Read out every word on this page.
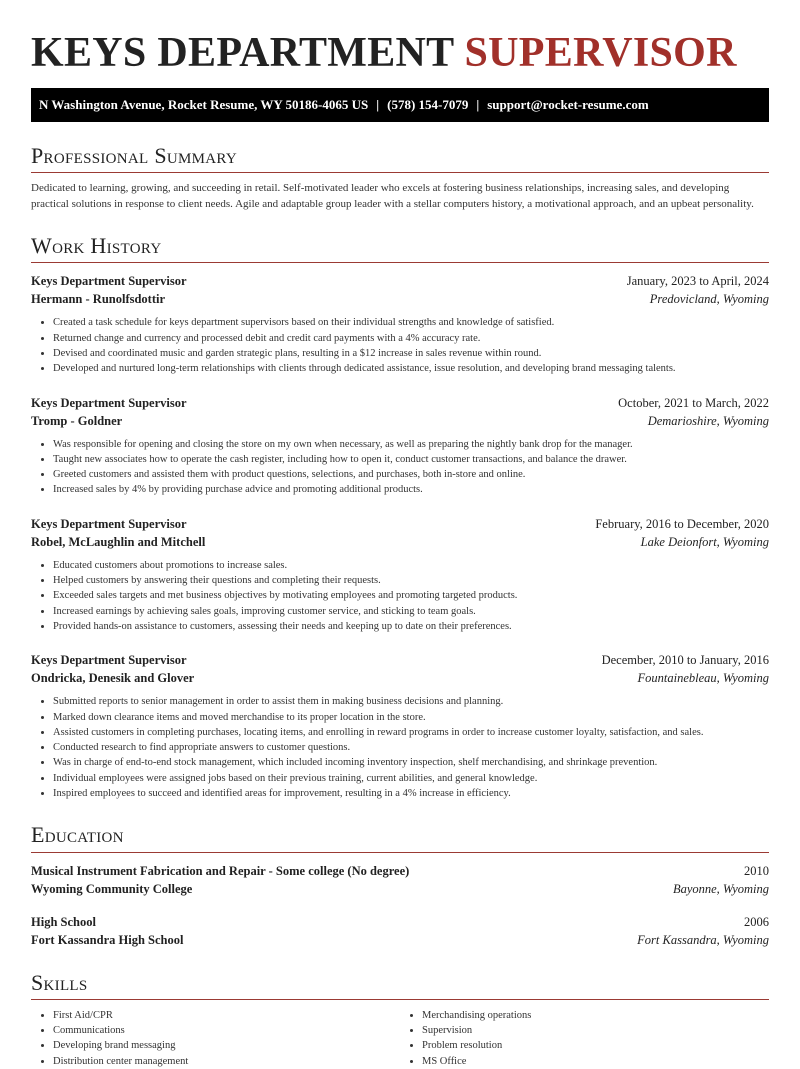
KEYS DEPARTMENT SUPERVISOR
N Washington Avenue, Rocket Resume, WY 50186-4065 US | (578) 154-7079 | support@rocket-resume.com
Professional Summary

Dedicated to learning, growing, and succeeding in retail. Self-motivated leader who excels at fostering business relationships, increasing sales, and developing practical solutions in response to client needs. Agile and adaptable group leader with a stellar computers history, a motivational approach, and an upbeat personality.

Work History
Keys Department Supervisor	January, 2023 to April, 2024
Hermann - Runolfsdottir	Predovicland, Wyoming
• Created a task schedule for keys department supervisors based on their individual strengths and knowledge of satisfied.
• Returned change and currency and processed debit and credit card payments with a 4% accuracy rate.
• Devised and coordinated music and garden strategic plans, resulting in a $12 increase in sales revenue within round.
• Developed and nurtured long-term relationships with clients through dedicated assistance, issue resolution, and developing brand messaging talents.
Keys Department Supervisor	October, 2021 to March, 2022
Tromp - Goldner	Demarioshire, Wyoming
• Was responsible for opening and closing the store on my own when necessary, as well as preparing the nightly bank drop for the manager.
• Taught new associates how to operate the cash register, including how to open it, conduct customer transactions, and balance the drawer.
• Greeted customers and assisted them with product questions, selections, and purchases, both in-store and online.
• Increased sales by 4% by providing purchase advice and promoting additional products.
Keys Department Supervisor	February, 2016 to December, 2020
Robel, McLaughlin and Mitchell	Lake Deionfort, Wyoming
• Educated customers about promotions to increase sales.
• Helped customers by answering their questions and completing their requests.
• Exceeded sales targets and met business objectives by motivating employees and promoting targeted products.
• Increased earnings by achieving sales goals, improving customer service, and sticking to team goals.
• Provided hands-on assistance to customers, assessing their needs and keeping up to date on their preferences.
Keys Department Supervisor	December, 2010 to January, 2016
Ondricka, Denesik and Glover	Fountainebleau, Wyoming
• Submitted reports to senior management in order to assist them in making business decisions and planning.
• Marked down clearance items and moved merchandise to its proper location in the store.
• Assisted customers in completing purchases, locating items, and enrolling in reward programs in order to increase customer loyalty, satisfaction, and sales.
• Conducted research to find appropriate answers to customer questions.
• Was in charge of end-to-end stock management, which included incoming inventory inspection, shelf merchandising, and shrinkage prevention.
• Individual employees were assigned jobs based on their previous training, current abilities, and general knowledge.
• Inspired employees to succeed and identified areas for improvement, resulting in a 4% increase in efficiency.
Education
Musical Instrument Fabrication and Repair - Some college (No degree)	2010
Wyoming Community College	Bayonne, Wyoming
High School	2006
Fort Kassandra High School	Fort Kassandra, Wyoming
Skills
• First Aid/CPR
• Communications
• Developing brand messaging
• Distribution center management
• Merchandising operations
• Supervision
• Problem resolution
• MS Office
